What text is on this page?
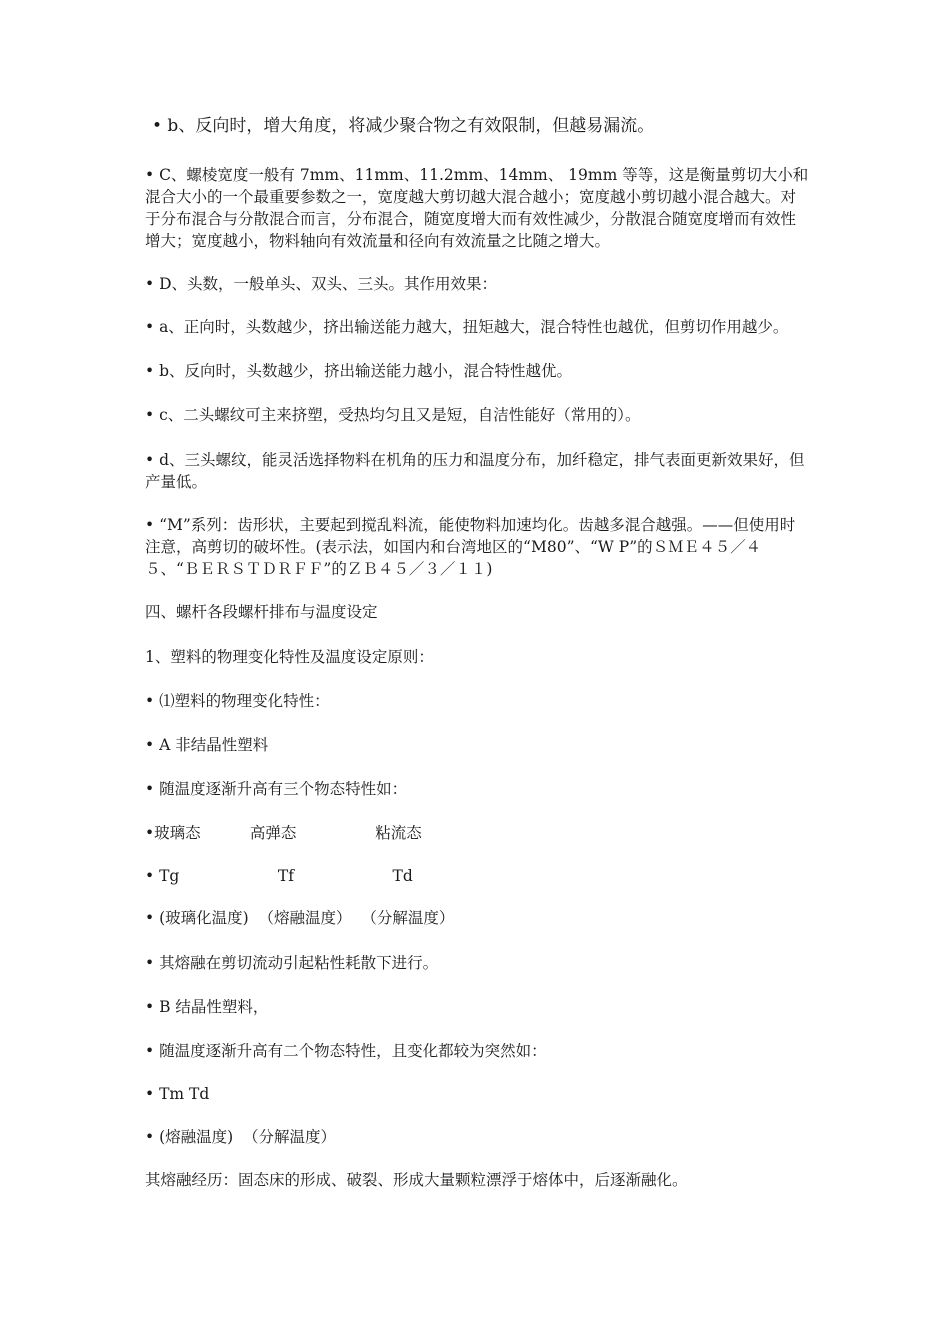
• b、反向时，增大角度，将减少聚合物之有效限制，但越易漏流。

• C、螺棱宽度一般有 7mm、11mm、11.2mm、14mm、 19mm 等等，这是衡量剪切大小和混合大小的一个最重要参数之一，宽度越大剪切越大混合越小；宽度越小剪切越小混合越大。对于分布混合与分散混合而言，分布混合，随宽度增大而有效性减少，分散混合随宽度增而有效性增大；宽度越小，物料轴向有效流量和径向有效流量之比随之增大。

• D、头数，一般单头、双头、三头。其作用效果：

• a、正向时，头数越少，挤出输送能力越大，扭矩越大，混合特性也越优，但剪切作用越少。

• b、反向时，头数越少，挤出输送能力越小，混合特性越优。

• c、二头螺纹可主来挤塑，受热均匀且又是短，自洁性能好（常用的）。

• d、三头螺纹，能灵活选择物料在机角的压力和温度分布，加纤稳定，排气表面更新效果好，但产量低。

• “M”系列：齿形状，主要起到搅乱料流，能使物料加速均化。齿越多混合越强。——但使用时注意，高剪切的破坏性。(表示法，如国内和台湾地区的“M80”、“W P”的ＳＭＥ４５／４５、“ＢＥＲＳＴＤＲＦＦ”的ＺＢ４５／３／１１)

四、螺杆各段螺杆排布与温度设定

1、塑料的物理变化特性及温度设定原则：

• ⑴塑料的物理变化特性：

• A 非结晶性塑料

• 随温度逐渐升高有三个物态特性如：

•玻璃态          高弹态                粘流态

• Tg                    Tf                    Td

• (玻璃化温度)  （熔融温度）  （分解温度）

• 其熔融在剪切流动引起粘性耗散下进行。

• B 结晶性塑料，

• 随温度逐渐升高有二个物态特性，且变化都较为突然如：

• Tm Td

• (熔融温度)  （分解温度）

其熔融经历：固态床的形成、破裂、形成大量颗粒漂浮于熔体中，后逐渐融化。
